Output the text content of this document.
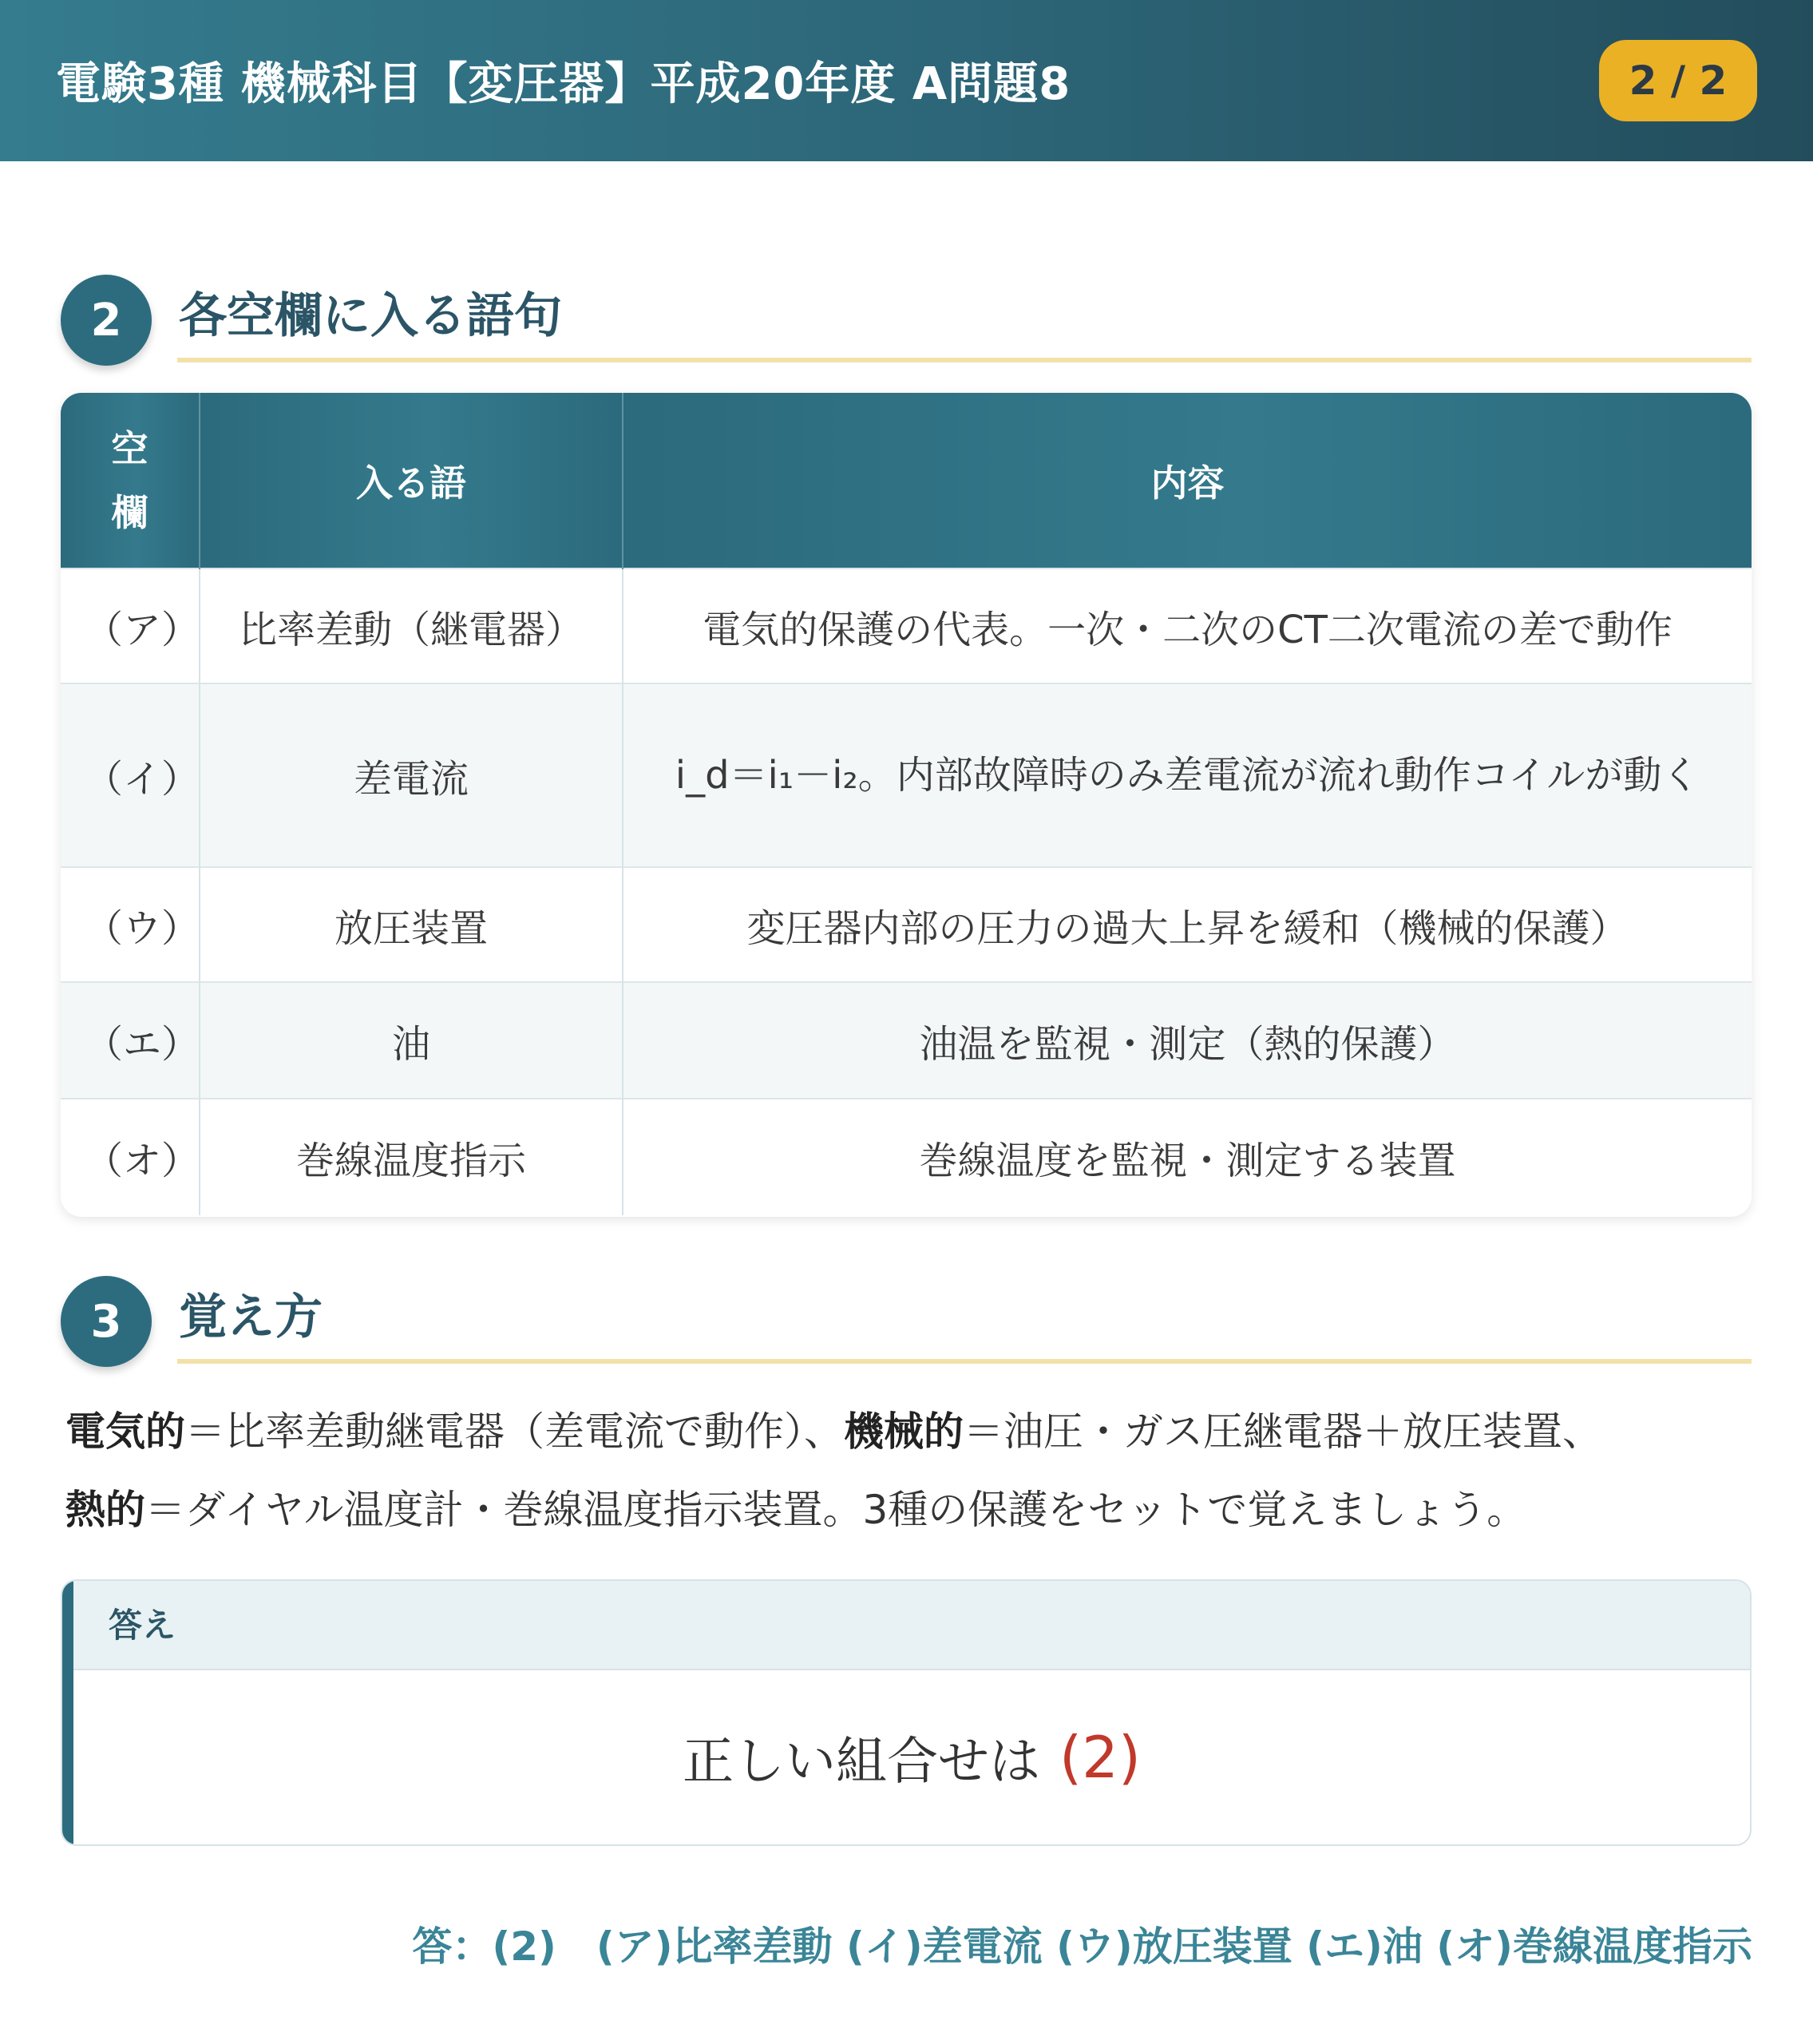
電験3種 機械科目【変圧器】平成20年度 A問題8	2 / 2
2	各空欄に入る語句
空
欄	入る語	内容
（ア）	比率差動（継電器）	電気的保護の代表。一次・二次のCT二次電流の差で動作
（イ）	差電流	i_d＝i₁－i₂。内部故障時のみ差電流が流れ動作コイルが動く
（ウ）	放圧装置	変圧器内部の圧力の過大上昇を緩和（機械的保護）
（エ）	油	油温を監視・測定（熱的保護）
（オ）	巻線温度指示	巻線温度を監視・測定する装置
3	覚え方
電気的＝比率差動継電器（差電流で動作）、機械的＝油圧・ガス圧継電器＋放圧装置、
熱的＝ダイヤル温度計・巻線温度指示装置。3種の保護をセットで覚えましょう。
答え
正しい組合せは (2)
答：(2)　(ア)比率差動 (イ)差電流 (ウ)放圧装置 (エ)油 (オ)巻線温度指示
